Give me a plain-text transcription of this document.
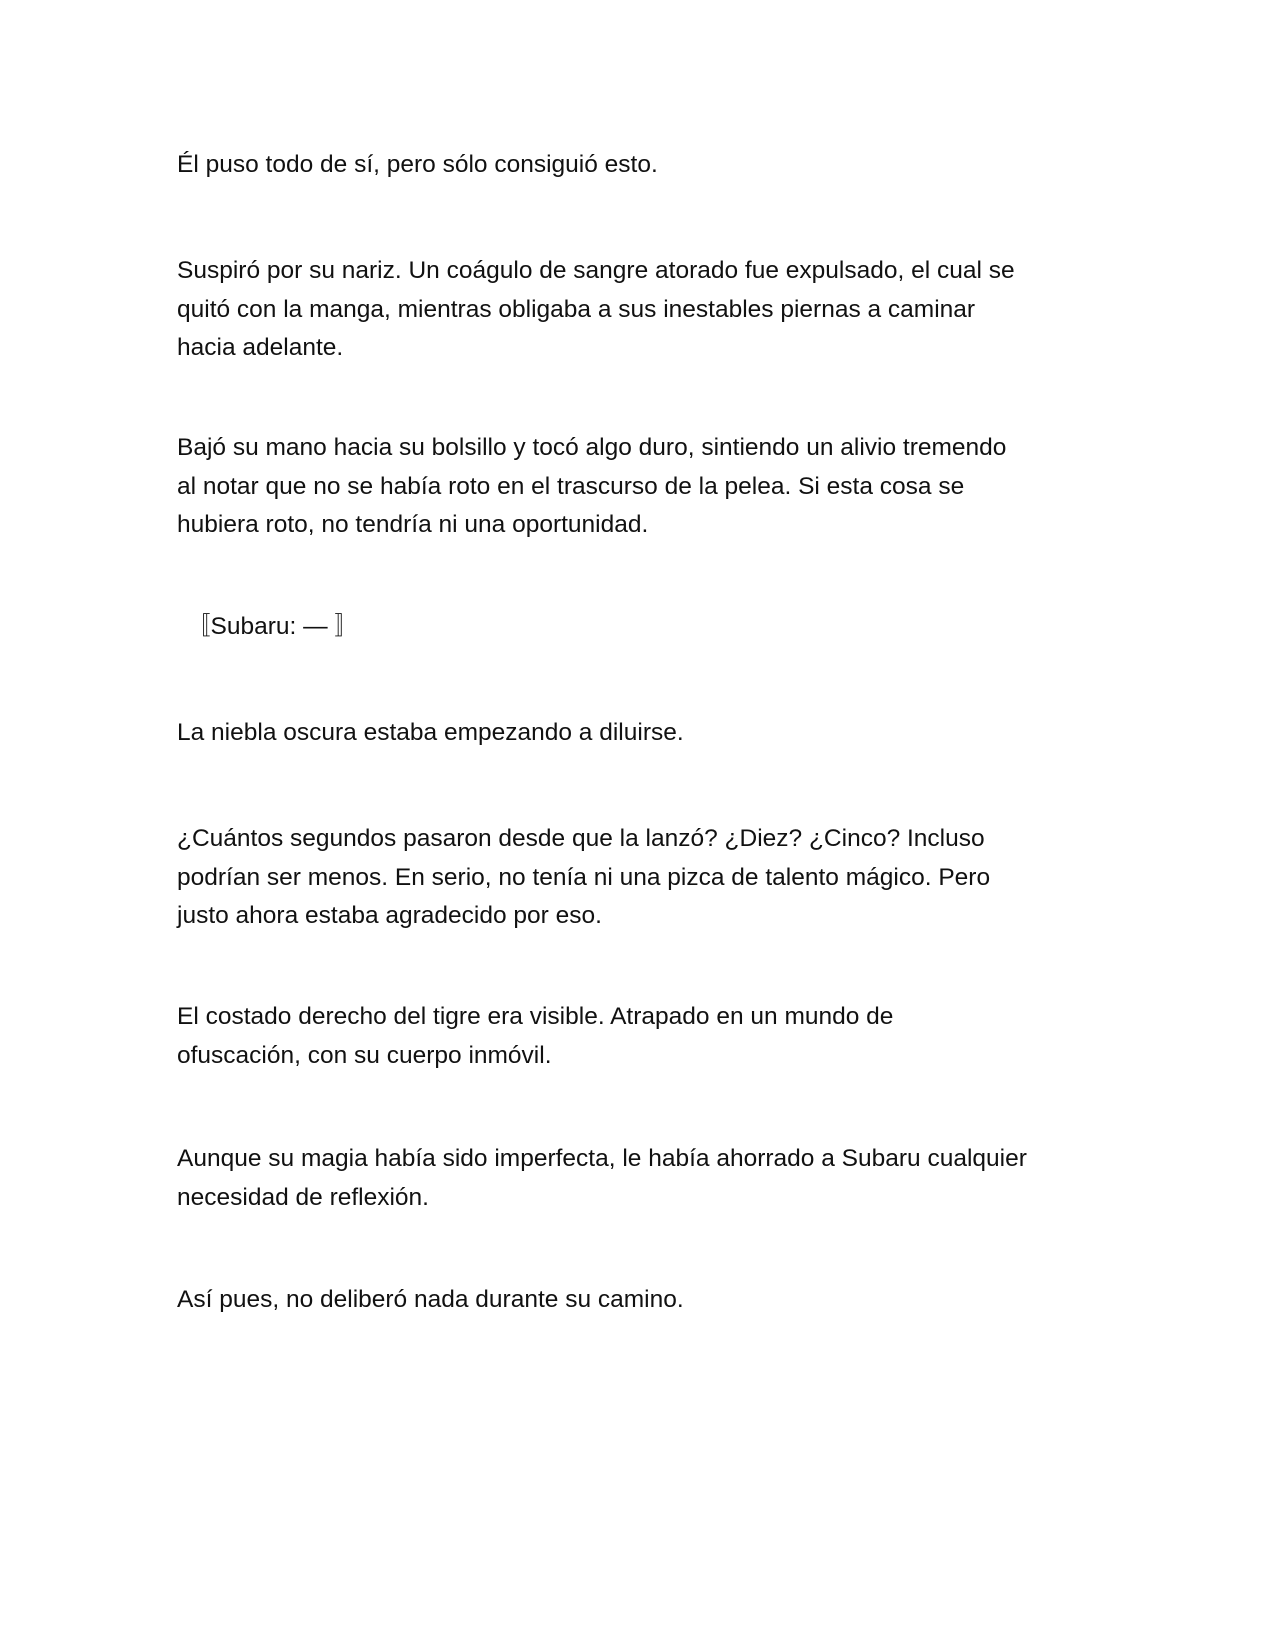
Él puso todo de sí, pero sólo consiguió esto.

Suspiró por su nariz. Un coágulo de sangre atorado fue expulsado, el cual se
quitó con la manga, mientras obligaba a sus inestables piernas a caminar
hacia adelante.

Bajó su mano hacia su bolsillo y tocó algo duro, sintiendo un alivio tremendo
al notar que no se había roto en el trascurso de la pelea. Si esta cosa se
hubiera roto, no tendría ni una oportunidad.

〚Subaru: — 〛

La niebla oscura estaba empezando a diluirse.

¿Cuántos segundos pasaron desde que la lanzó? ¿Diez? ¿Cinco? Incluso
podrían ser menos. En serio, no tenía ni una pizca de talento mágico. Pero
justo ahora estaba agradecido por eso.

El costado derecho del tigre era visible. Atrapado en un mundo de
ofuscación, con su cuerpo inmóvil.

Aunque su magia había sido imperfecta, le había ahorrado a Subaru cualquier
necesidad de reflexión.

Así pues, no deliberó nada durante su camino.
